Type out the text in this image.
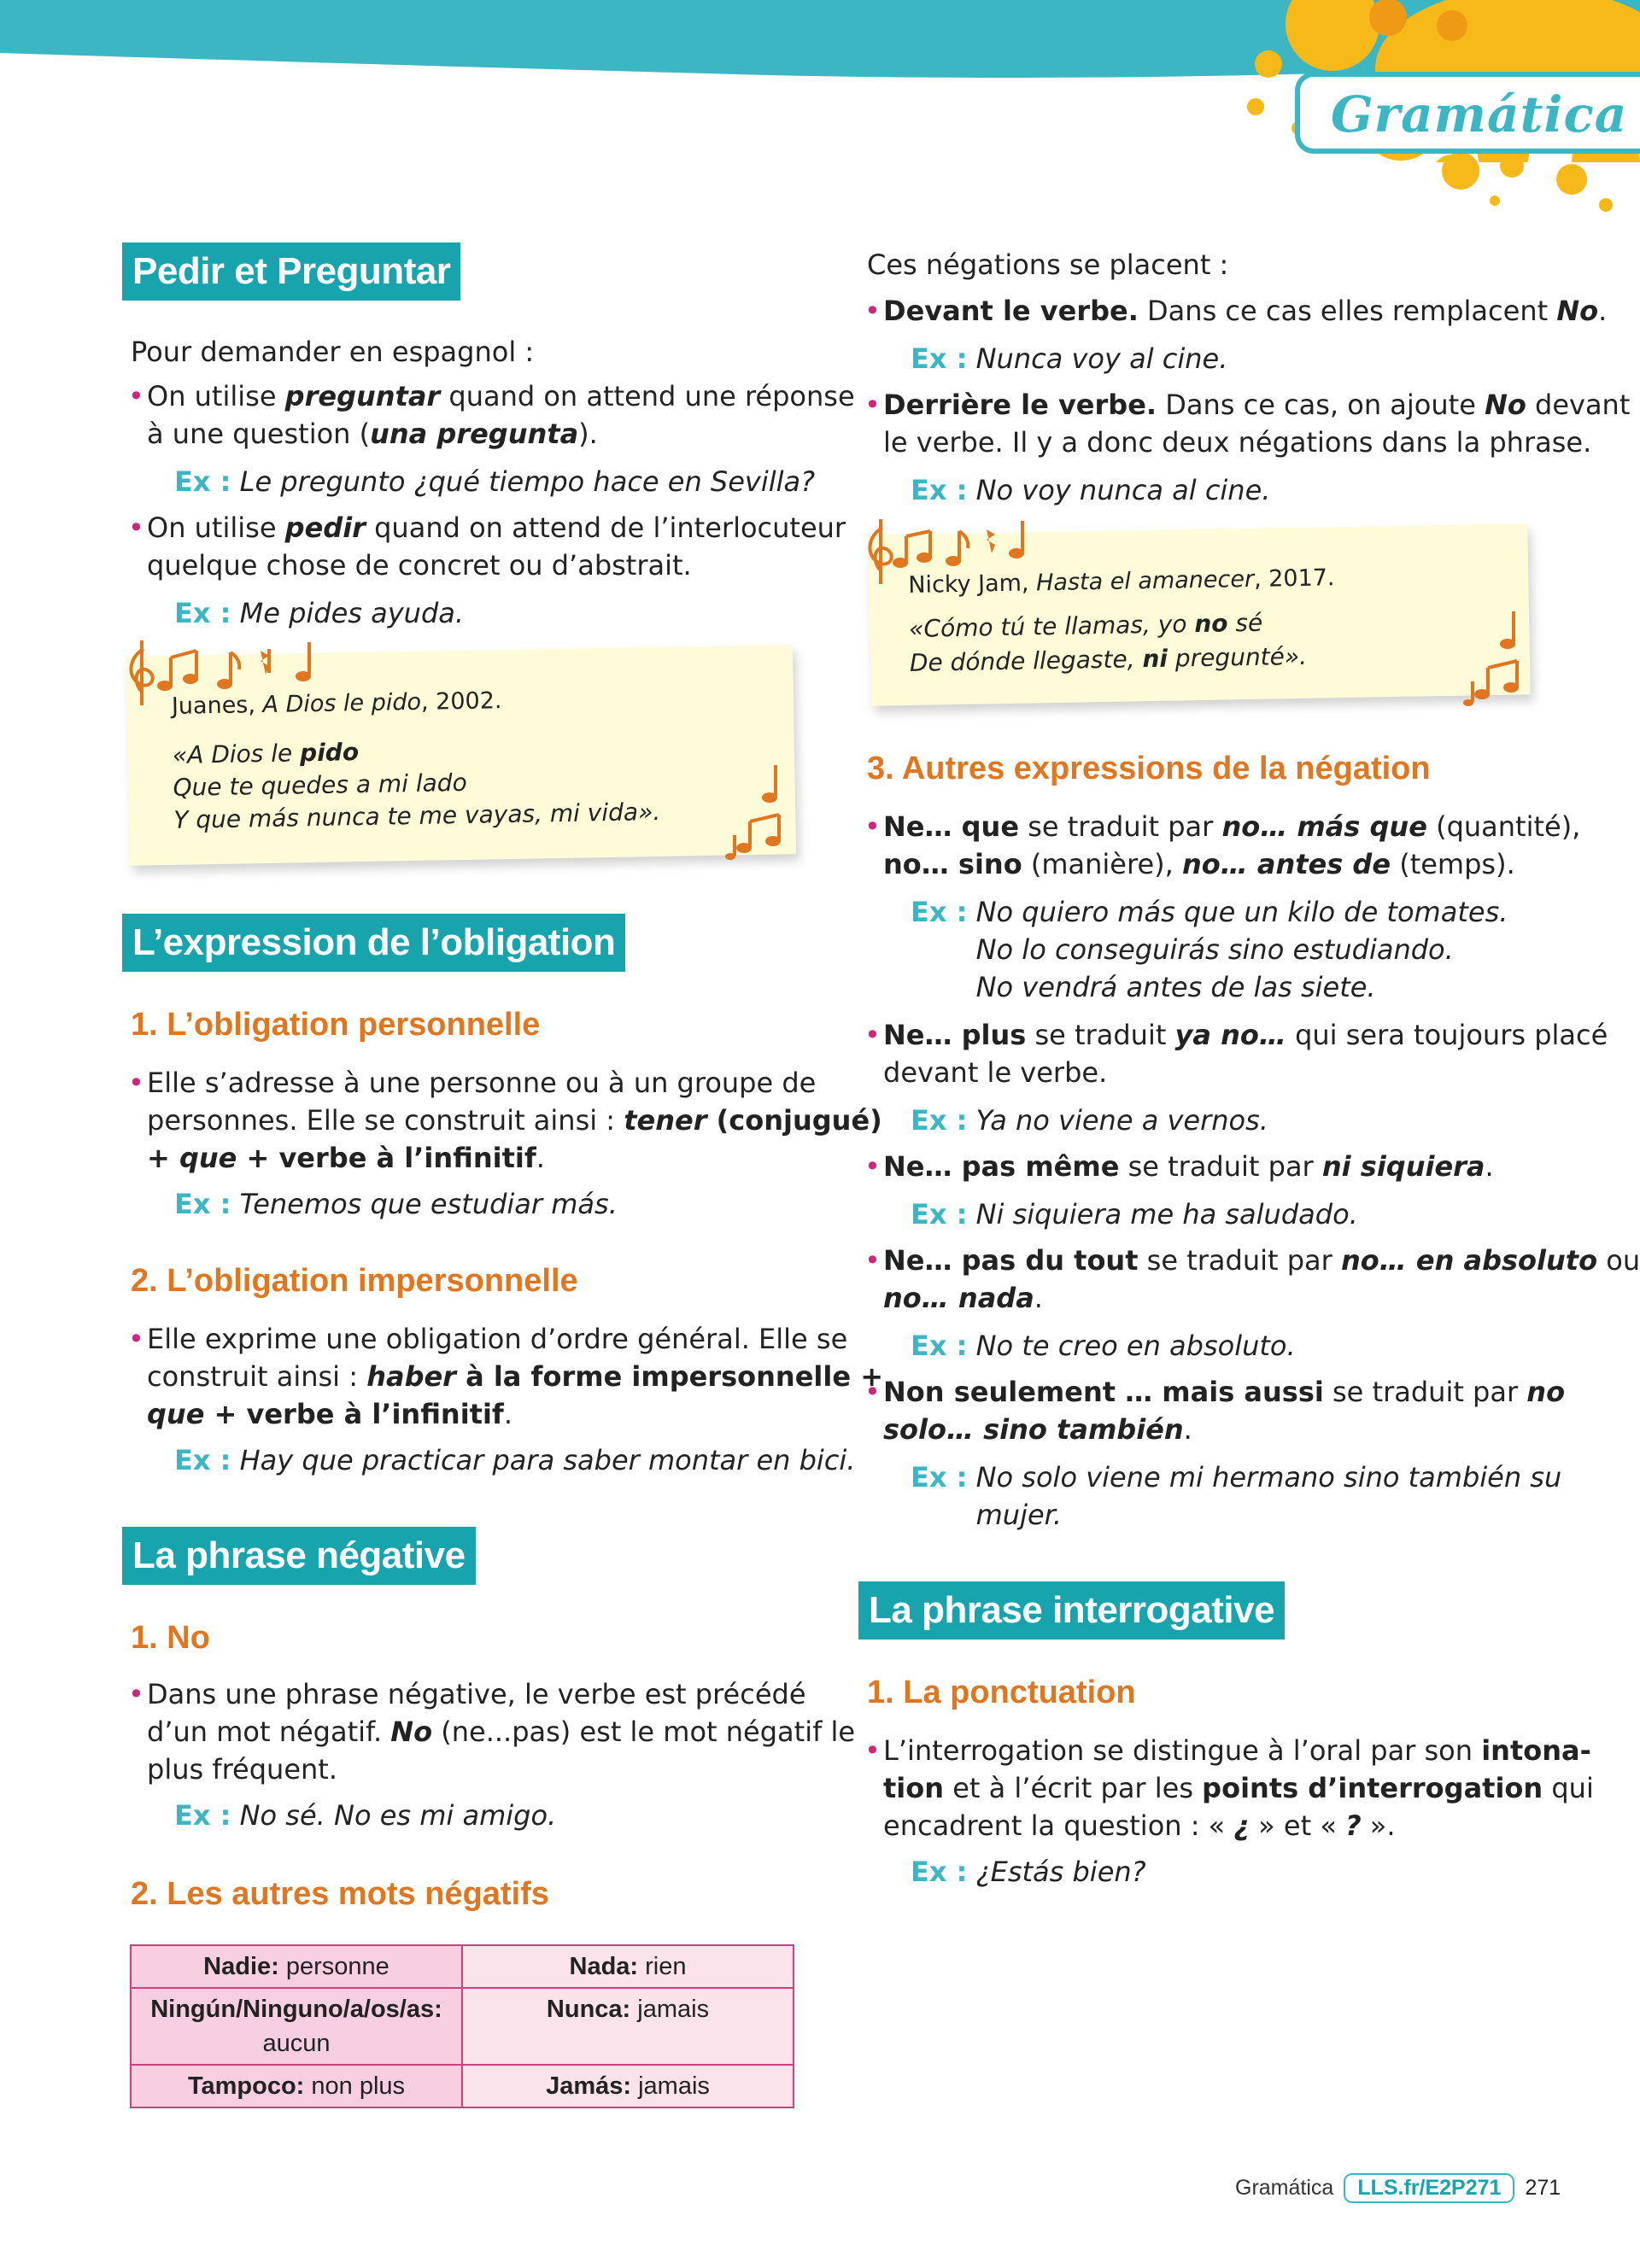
Gramática
Pedir et Preguntar
Pour demander en espagnol :
• On utilise preguntar quand on attend une réponse
à une question (una pregunta).
Ex : Le pregunto ¿qué tiempo hace en Sevilla?
• On utilise pedir quand on attend de l’interlocuteur
quelque chose de concret ou d’abstrait.
Ex : Me pides ayuda.
Juanes, A Dios le pido, 2002.
«A Dios le pido
Que te quedes a mi lado
Y que más nunca te me vayas, mi vida».
L’expression de l’obligation
1. L’obligation personnelle
• Elle s’adresse à une personne ou à un groupe de
personnes. Elle se construit ainsi : tener (conjugué)
+ que + verbe à l’infinitif.
Ex : Tenemos que estudiar más.
2. L’obligation impersonnelle
• Elle exprime une obligation d’ordre général. Elle se
construit ainsi : haber à la forme impersonnelle +
que + verbe à l’infinitif.
Ex : Hay que practicar para saber montar en bici.
La phrase négative
1. No
• Dans une phrase négative, le verbe est précédé
d’un mot négatif. No (ne...pas) est le mot négatif le
plus fréquent.
Ex : No sé. No es mi amigo.
2. Les autres mots négatifs
Nadie: personne	Nada: rien
Ningún/Ninguno/a/os/as:
aucun	Nunca: jamais
Tampoco: non plus	Jamás: jamais
Ces négations se placent :
• Devant le verbe. Dans ce cas elles remplacent No.
Ex : Nunca voy al cine.
• Derrière le verbe. Dans ce cas, on ajoute No devant
le verbe. Il y a donc deux négations dans la phrase.
Ex : No voy nunca al cine.
Nicky Jam, Hasta el amanecer, 2017.
«Cómo tú te llamas, yo no sé
De dónde llegaste, ni pregunté».
3. Autres expressions de la négation
• Ne… que se traduit par no… más que (quantité),
no… sino (manière), no… antes de (temps).
Ex : No quiero más que un kilo de tomates.
No lo conseguirás sino estudiando.
No vendrá antes de las siete.
• Ne… plus se traduit ya no… qui sera toujours placé
devant le verbe.
Ex : Ya no viene a vernos.
• Ne… pas même se traduit par ni siquiera.
Ex : Ni siquiera me ha saludado.
• Ne… pas du tout se traduit par no… en absoluto ou
no… nada.
Ex : No te creo en absoluto.
• Non seulement … mais aussi se traduit par no
solo… sino también.
Ex : No solo viene mi hermano sino también su
mujer.
La phrase interrogative
1. La ponctuation
• L’interrogation se distingue à l’oral par son intona-
tion et à l’écrit par les points d’interrogation qui
encadrent la question : « ¿ » et « ? ».
Ex : ¿Estás bien?
Gramática	LLS.fr/E2P271	271
